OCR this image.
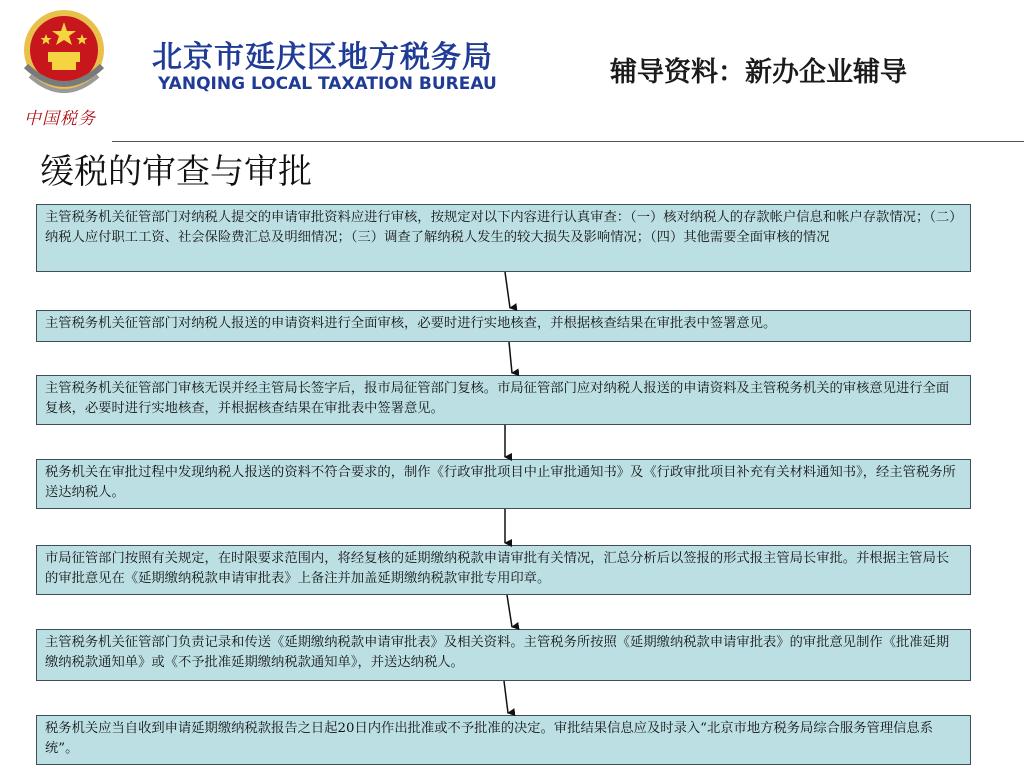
中国税务
北京市延庆区地方税务局
YANQING LOCAL TAXATION BUREAU	辅导资料：新办企业辅导
缓税的审查与审批
主管税务机关征管部门对纳税人提交的申请审批资料应进行审核，按规定对以下内容进行认真审查：（一）核对纳税人的存款帐户信息和帐户存款情况；（二）纳税人应付职工工资、社会保险费汇总及明细情况；（三）调查了解纳税人发生的较大损失及影响情况；（四）其他需要全面审核的情况
主管税务机关征管部门对纳税人报送的申请资料进行全面审核，必要时进行实地核查，并根据核查结果在审批表中签署意见。
主管税务机关征管部门审核无误并经主管局长签字后，报市局征管部门复核。市局征管部门应对纳税人报送的申请资料及主管税务机关的审核意见进行全面复核，必要时进行实地核查，并根据核查结果在审批表中签署意见。
税务机关在审批过程中发现纳税人报送的资料不符合要求的，制作《行政审批项目中止审批通知书》及《行政审批项目补充有关材料通知书》，经主管税务所送达纳税人。
市局征管部门按照有关规定，在时限要求范围内，将经复核的延期缴纳税款申请审批有关情况，汇总分析后以签报的形式报主管局长审批。并根据主管局长的审批意见在《延期缴纳税款申请审批表》上备注并加盖延期缴纳税款审批专用印章。
主管税务机关征管部门负责记录和传送《延期缴纳税款申请审批表》及相关资料。主管税务所按照《延期缴纳税款申请审批表》的审批意见制作《批准延期缴纳税款通知单》或《不予批准延期缴纳税款通知单》，并送达纳税人。
税务机关应当自收到申请延期缴纳税款报告之日起20日内作出批准或不予批准的决定。审批结果信息应及时录入“北京市地方税务局综合服务管理信息系统”。
